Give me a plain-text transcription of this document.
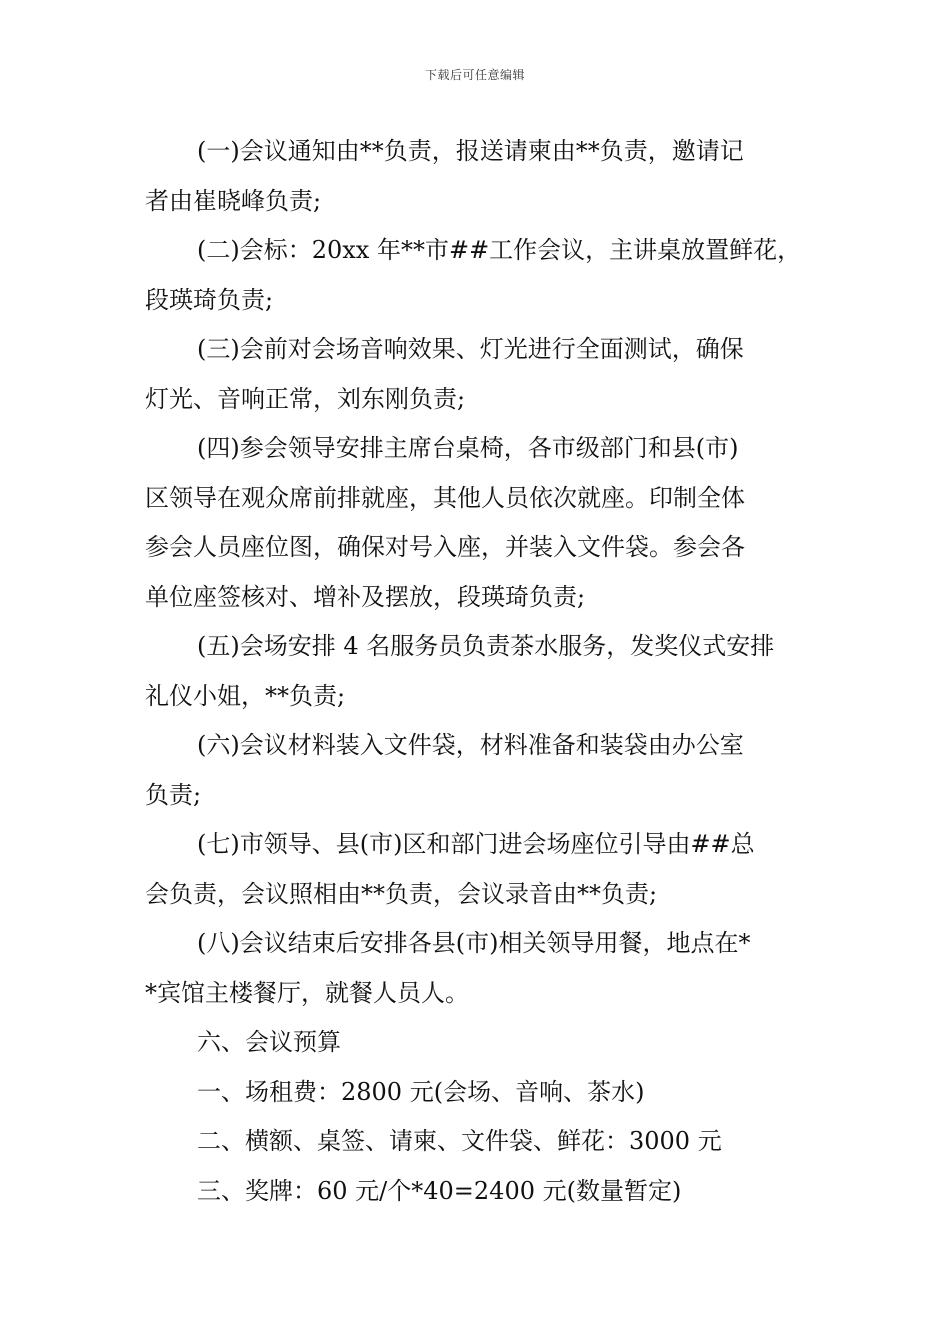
下载后可任意编辑
(一)会议通知由**负责，报送请柬由**负责，邀请记
者由崔晓峰负责;
(二)会标：20xx 年**市##工作会议，主讲桌放置鲜花，
段瑛琦负责;
(三)会前对会场音响效果、灯光进行全面测试，确保
灯光、音响正常，刘东刚负责;
(四)参会领导安排主席台桌椅，各市级部门和县(市)
区领导在观众席前排就座，其他人员依次就座。印制全体
参会人员座位图，确保对号入座，并装入文件袋。参会各
单位座签核对、增补及摆放，段瑛琦负责;
(五)会场安排 4 名服务员负责茶水服务，发奖仪式安排
礼仪小姐，**负责;
(六)会议材料装入文件袋，材料准备和装袋由办公室
负责;
(七)市领导、县(市)区和部门进会场座位引导由##总
会负责，会议照相由**负责，会议录音由**负责;
(八)会议结束后安排各县(市)相关领导用餐，地点在*
*宾馆主楼餐厅，就餐人员人。
六、会议预算
一、场租费：2800 元(会场、音响、茶水)
二、横额、桌签、请柬、文件袋、鲜花：3000 元
三、奖牌：60 元/个*40=2400 元(数量暂定)
